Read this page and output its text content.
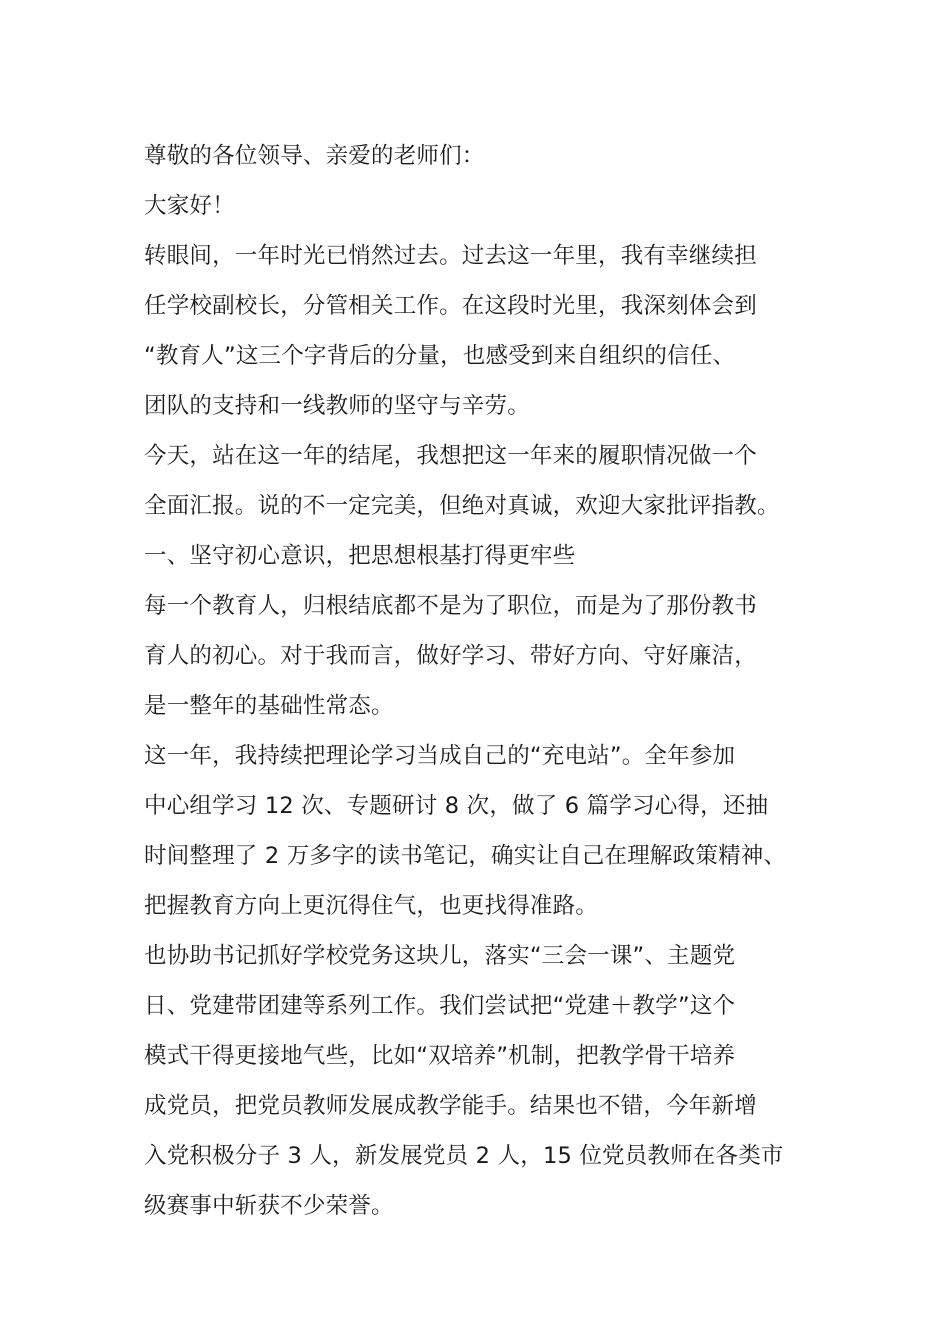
尊敬的各位领导、亲爱的老师们：
大家好！
转眼间，一年时光已悄然过去。过去这一年里，我有幸继续担
任学校副校长，分管相关工作。在这段时光里，我深刻体会到
“教育人”这三个字背后的分量，也感受到来自组织的信任、
团队的支持和一线教师的坚守与辛劳。
今天，站在这一年的结尾，我想把这一年来的履职情况做一个
全面汇报。说的不一定完美，但绝对真诚，欢迎大家批评指教。
一、坚守初心意识，把思想根基打得更牢些
每一个教育人，归根结底都不是为了职位，而是为了那份教书
育人的初心。对于我而言，做好学习、带好方向、守好廉洁，
是一整年的基础性常态。
这一年，我持续把理论学习当成自己的“充电站”。全年参加
中心组学习 12 次、专题研讨 8 次，做了 6 篇学习心得，还抽
时间整理了 2 万多字的读书笔记，确实让自己在理解政策精神、
把握教育方向上更沉得住气，也更找得准路。
也协助书记抓好学校党务这块儿，落实“三会一课”、主题党
日、党建带团建等系列工作。我们尝试把“党建＋教学”这个
模式干得更接地气些，比如“双培养”机制，把教学骨干培养
成党员，把党员教师发展成教学能手。结果也不错，今年新增
入党积极分子 3 人，新发展党员 2 人，15 位党员教师在各类市
级赛事中斩获不少荣誉。
